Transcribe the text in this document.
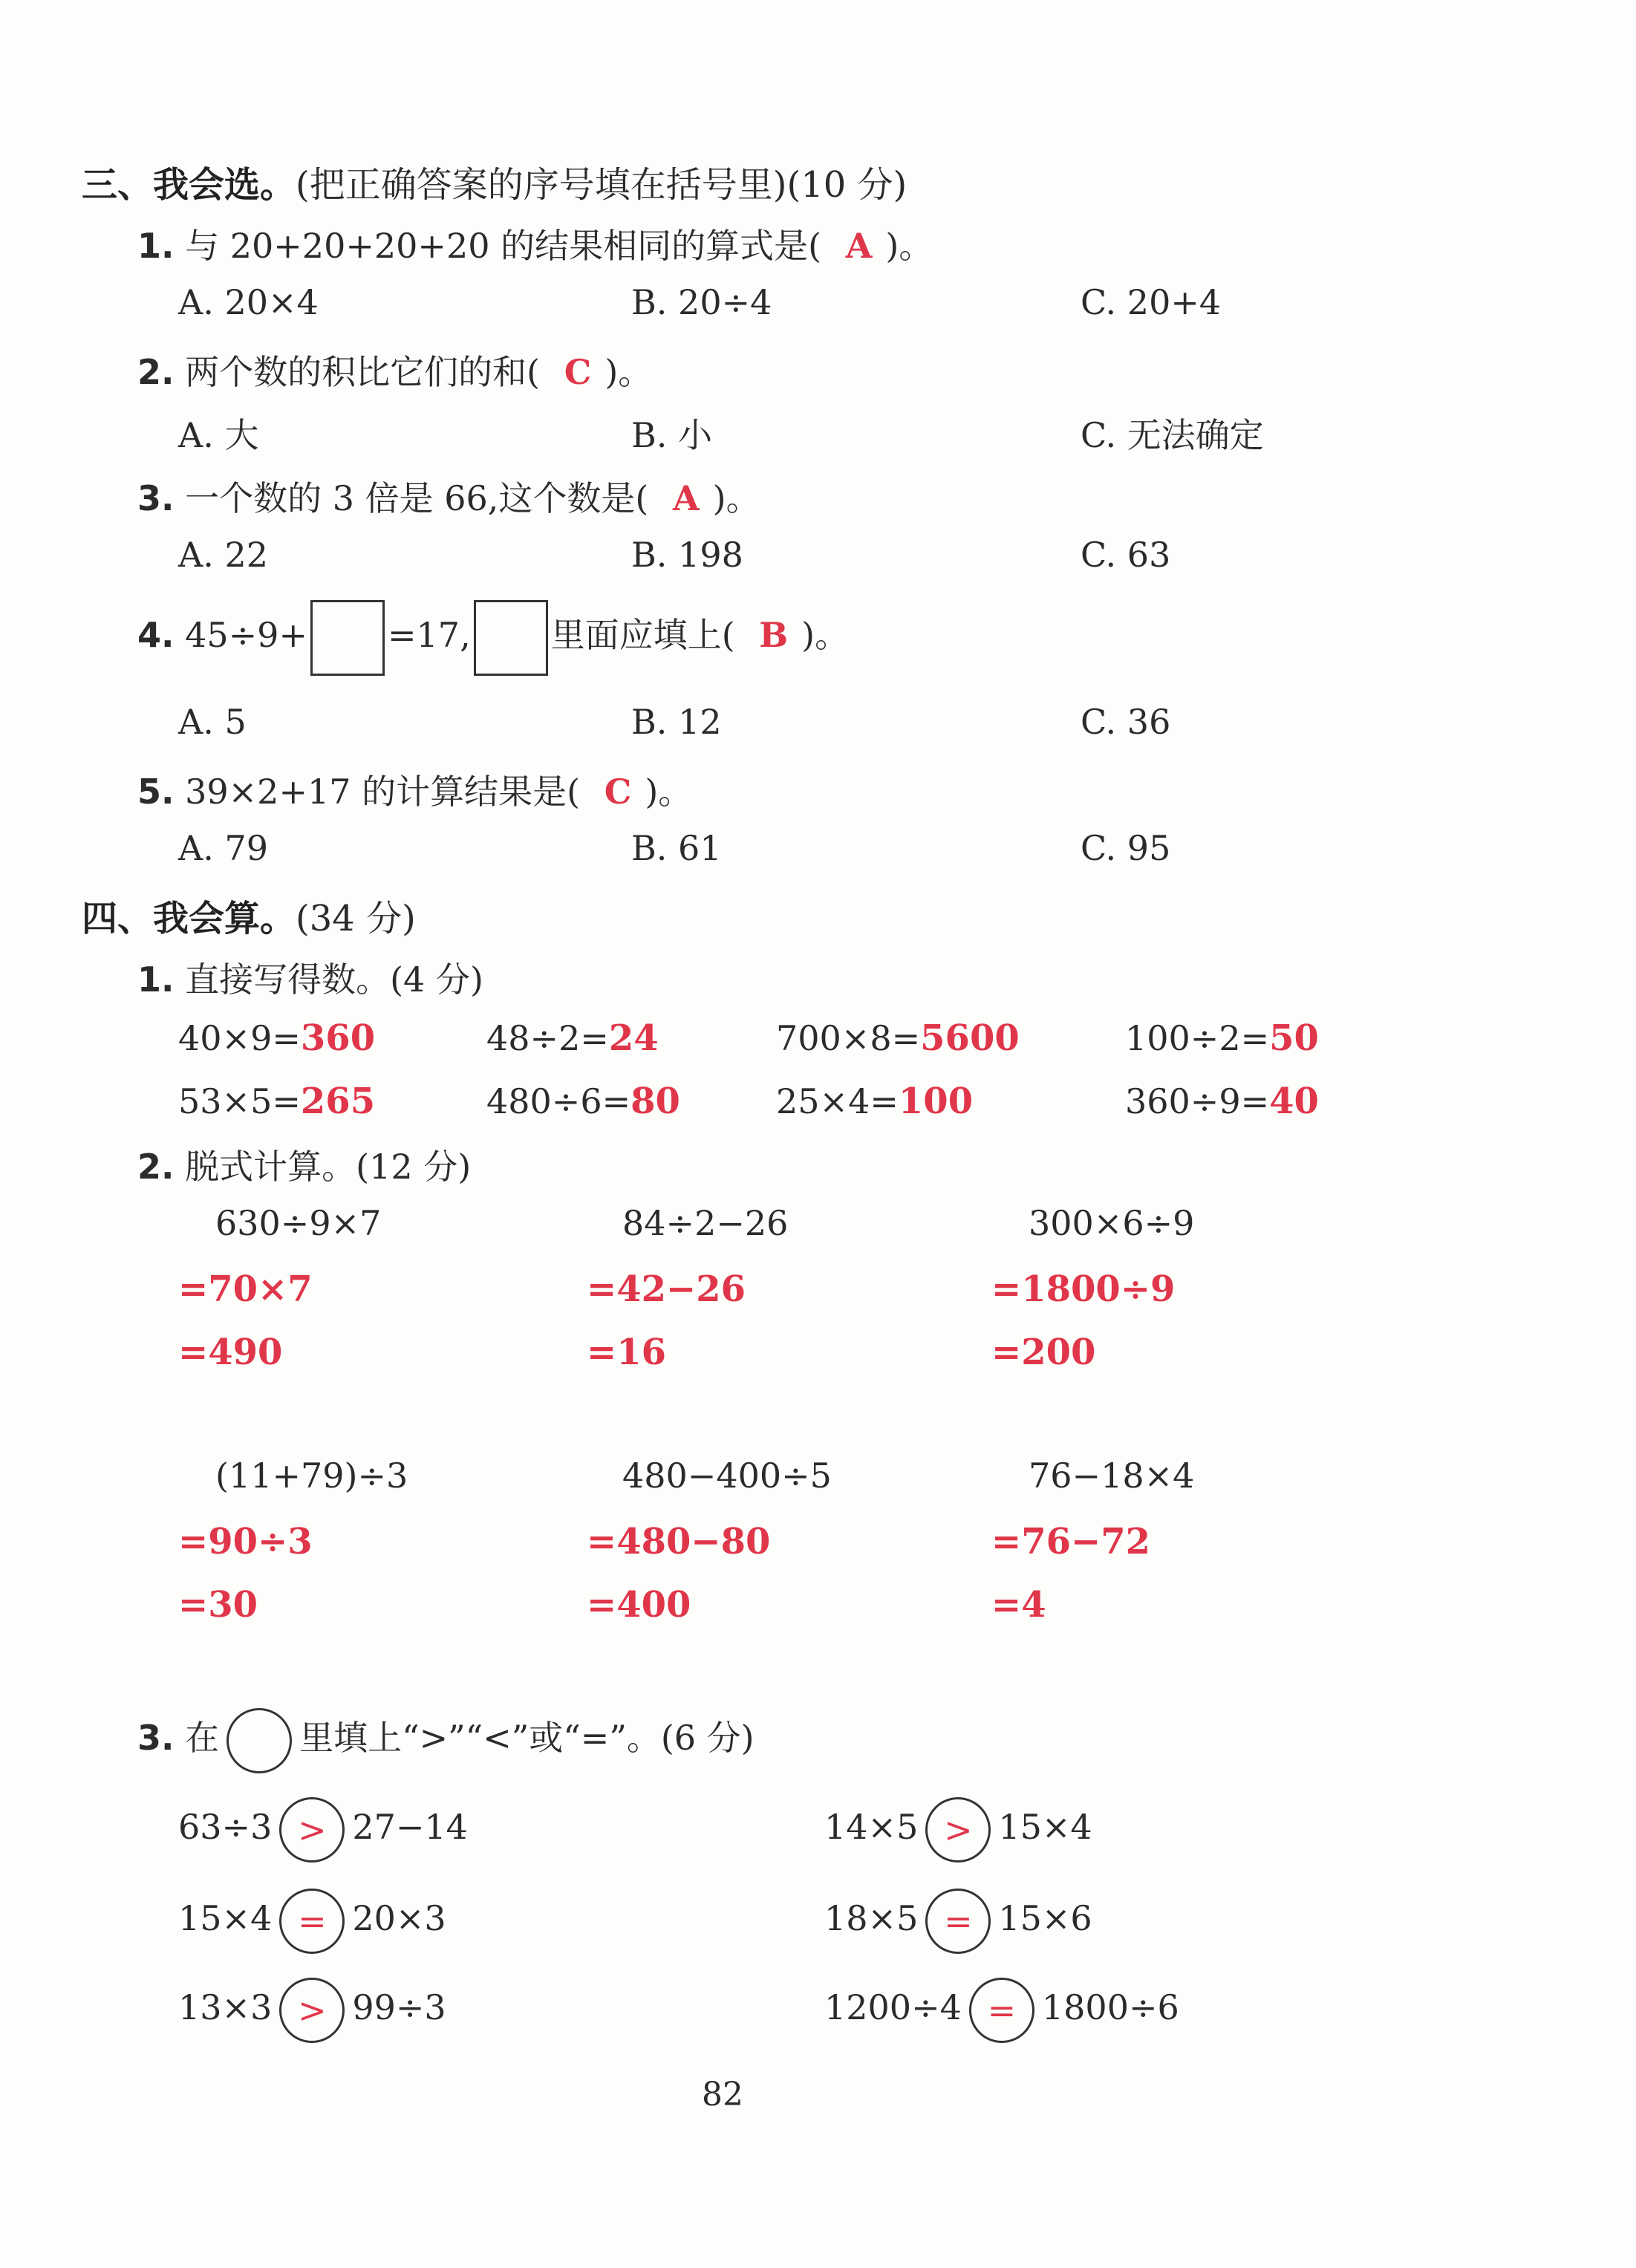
三、我会选。(把正确答案的序号填在括号里)(10 分)
1. 与 20+20+20+20 的结果相同的算式是( A )。
A. 20×4	B. 20÷4	C. 20+4
2. 两个数的积比它们的和( C )。
A. 大	B. 小	C. 无法确定
3. 一个数的 3 倍是 66,这个数是( A )。
A. 22	B. 198	C. 63
4. 45÷9+ =17, 里面应填上( B )。
A. 5	B. 12	C. 36
5. 39×2+17 的计算结果是( C )。
A. 79	B. 61	C. 95
四、我会算。(34 分)
1. 直接写得数。(4 分)
40×9=360	48÷2=24	700×8=5600	100÷2=50
53×5=265	480÷6=80	25×4=100	360÷9=40
2. 脱式计算。(12 分)
630÷9×7
=70×7
=490
84÷2−26
=42−26
=16
300×6÷9
=1800÷9
=200
(11+79)÷3
=90÷3
=30
480−400÷5
=480−80
=400
76−18×4
=76−72
=4
3. 在 里填上“>”“<”或“=”。(6 分)
63÷3 > 27−14	14×5 > 15×4
15×4 = 20×3	18×5 = 15×6
13×3 > 99÷3	1200÷4 = 1800÷6
82
